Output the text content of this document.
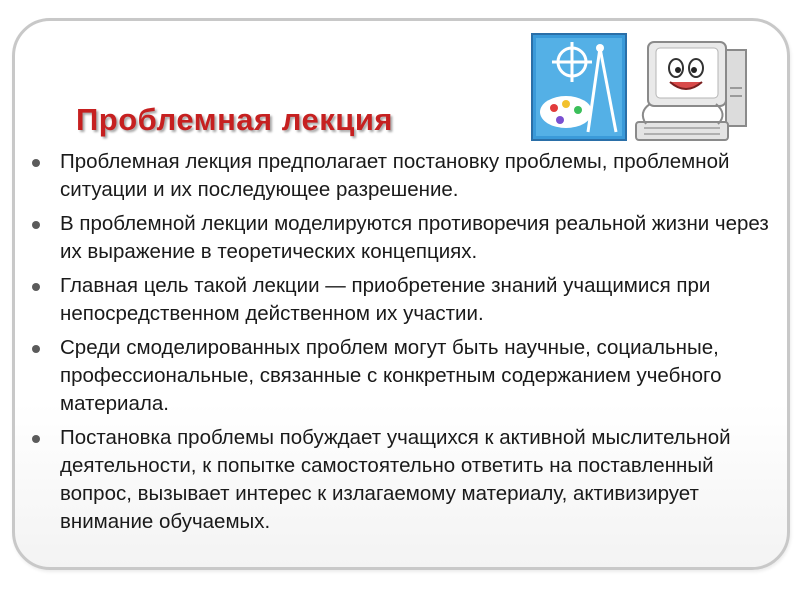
Проблемная лекция
Проблемная лекция предполагает постановку проблемы, проблемной ситуации и их последующее разрешение.
В проблемной лекции моделируются противоречия реальной жизни через их выражение в теоретических концепциях.
Главная цель такой лекции — приобретение знаний учащимися при непосредственном действенном их участии.
Среди смоделированных проблем могут быть научные, социальные, профессиональные, связанные с конкретным содержанием учебного материала.
Постановка проблемы побуждает учащихся к активной мыслительной деятельности, к попытке самостоятельно ответить на поставленный вопрос, вызывает интерес к излагаемому материалу, активизирует внимание обучаемых.
